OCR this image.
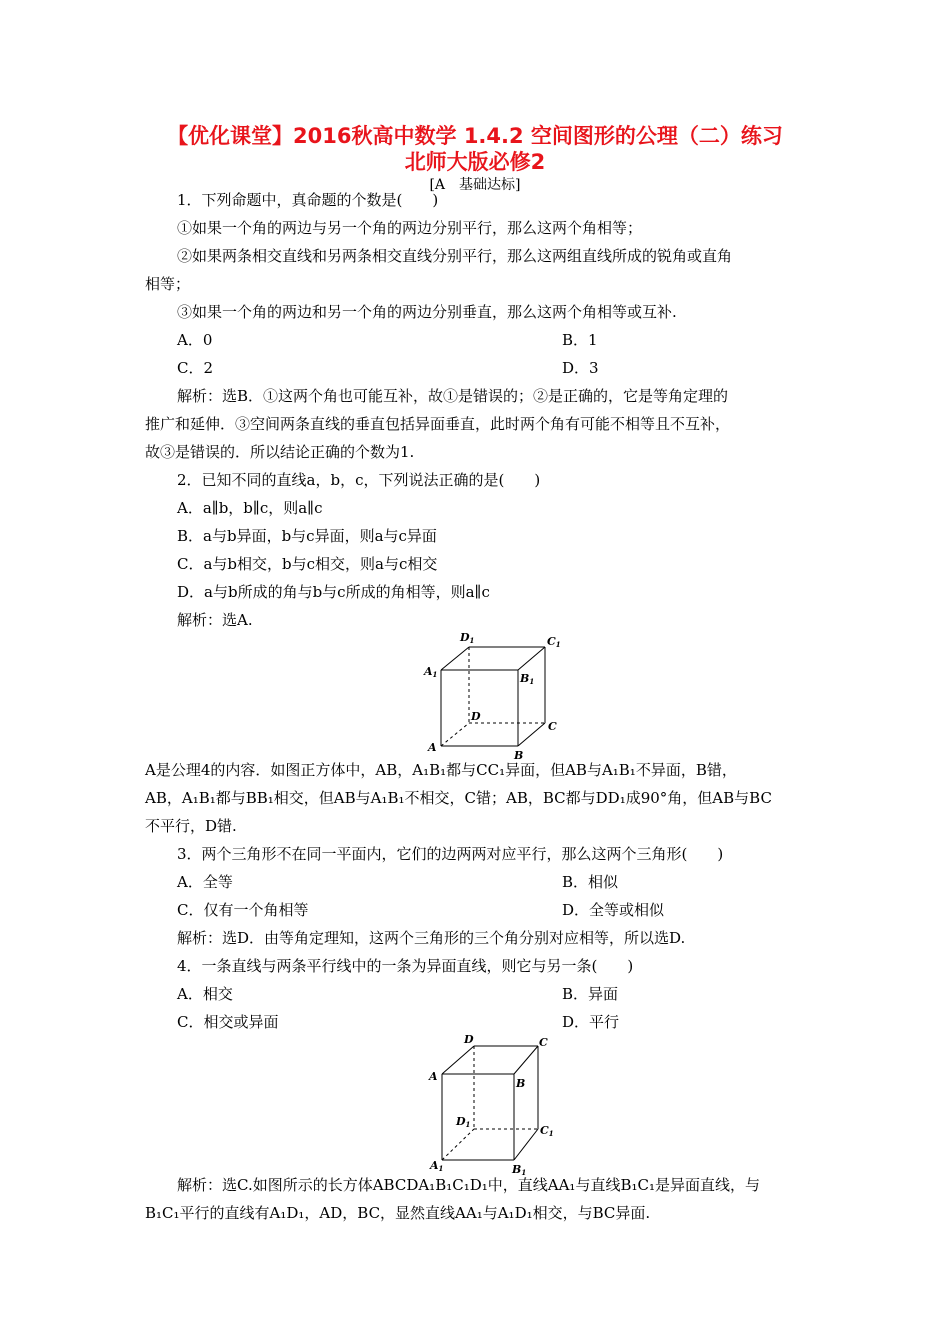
【优化课堂】2016秋高中数学 1.4.2 空间图形的公理（二）练习
北师大版必修2
[A　基础达标]
1．下列命题中，真命题的个数是(　　)
①如果一个角的两边与另一个角的两边分别平行，那么这两个角相等；
②如果两条相交直线和另两条相交直线分别平行，那么这两组直线所成的锐角或直角
相等；
③如果一个角的两边和另一个角的两边分别垂直，那么这两个角相等或互补.
A．0	B．1
C．2	D．3
解析：选B．①这两个角也可能互补，故①是错误的；②是正确的，它是等角定理的
推广和延伸．③空间两条直线的垂直包括异面垂直，此时两个角有可能不相等且不互补，
故③是错误的．所以结论正确的个数为1.
2．已知不同的直线a，b，c，下列说法正确的是(　　)
A．a∥b，b∥c，则a∥c
B．a与b异面，b与c异面，则a与c异面
C．a与b相交，b与c相交，则a与c相交
D．a与b所成的角与b与c所成的角相等，则a∥c
解析：选A.
D1	C1
A1	B1
D
C
A
B
A是公理4的内容．如图正方体中，AB，A₁B₁都与CC₁异面，但AB与A₁B₁不异面，B错，
AB，A₁B₁都与BB₁相交，但AB与A₁B₁不相交，C错；AB，BC都与DD₁成90°角，但AB与BC
不平行，D错.
3．两个三角形不在同一平面内，它们的边两两对应平行，那么这两个三角形(　　)
A．全等	B．相似
C．仅有一个角相等	D．全等或相似
解析：选D．由等角定理知，这两个三角形的三个角分别对应相等，所以选D.
4．一条直线与两条平行线中的一条为异面直线，则它与另一条(　　)
A．相交	B．异面
C．相交或异面	D．平行
D	C
A
B
D1	C1
A1	B1
解析：选C.如图所示的长方体ABCDA₁B₁C₁D₁中，直线AA₁与直线B₁C₁是异面直线，与
B₁C₁平行的直线有A₁D₁，AD，BC，显然直线AA₁与A₁D₁相交，与BC异面.
